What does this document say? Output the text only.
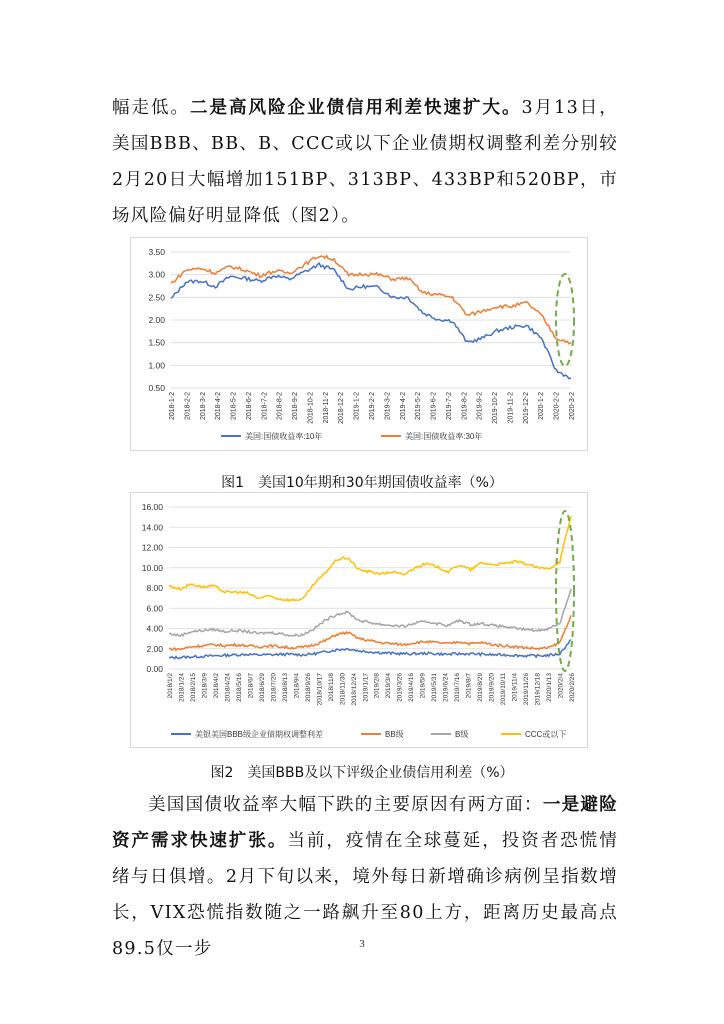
幅走低。二是高风险企业债信用利差快速扩大。3月13日，美国BBB、BB、B、CCC或以下企业债期权调整利差分别较2月20日大幅增加151BP、313BP、433BP和520BP，市场风险偏好明显降低（图2）。

3.50
3.00
2.50
2.00
1.50
1.00
0.50
2018-1-2 2018-2-2 2018-3-2 2018-4-2 2018-5-2 2018-6-2 2018-7-2 2018-8-2 2018-9-2 2018-10-2 2018-11-2 2018-12-2 2019-1-2 2019-2-2 2019-3-2 2019-4-2 2019-5-2 2019-6-2 2019-7-2 2019-8-2 2019-9-2 2019-10-2 2019-11-2 2019-12-2 2020-1-2 2020-2-2 2020-3-2
美国:国债收益率:10年	美国:国债收益率:30年
图1　美国10年期和30年期国债收益率（%）
16.00
14.00
12.00
10.00
8.00
6.00
4.00
2.00
0.00
2018/1/2 2018/1/24 2018/2/15 2018/3/9 2018/4/2 2018/4/24 2018/5/16 2018/6/7 2018/6/29 2018/7/20 2018/8/13 2018/9/4 2018/9/26 2018/10/17 2018/11/8 2018/11/30 2018/12/24 2019/1/17 2019/2/8 2019/3/4 2019/3/26 2019/4/16 2019/5/9 2019/5/31 2019/6/24 2019/7/16 2019/8/7 2019/8/29 2019/9/20 2019/10/11 2019/11/4 2019/11/26 2019/12/18 2020/1/13 2020/2/4 2020/2/26
美银美国BBB级企业债期权调整利差	BB级	B级	CCC或以下
图2　美国BBB及以下评级企业债信用利差（%）

美国国债收益率大幅下跌的主要原因有两方面：一是避险资产需求快速扩张。当前，疫情在全球蔓延，投资者恐慌情绪与日俱增。2月下旬以来，境外每日新增确诊病例呈指数增长，VIX恐慌指数随之一路飙升至80上方，距离历史最高点89.5仅一步	3
